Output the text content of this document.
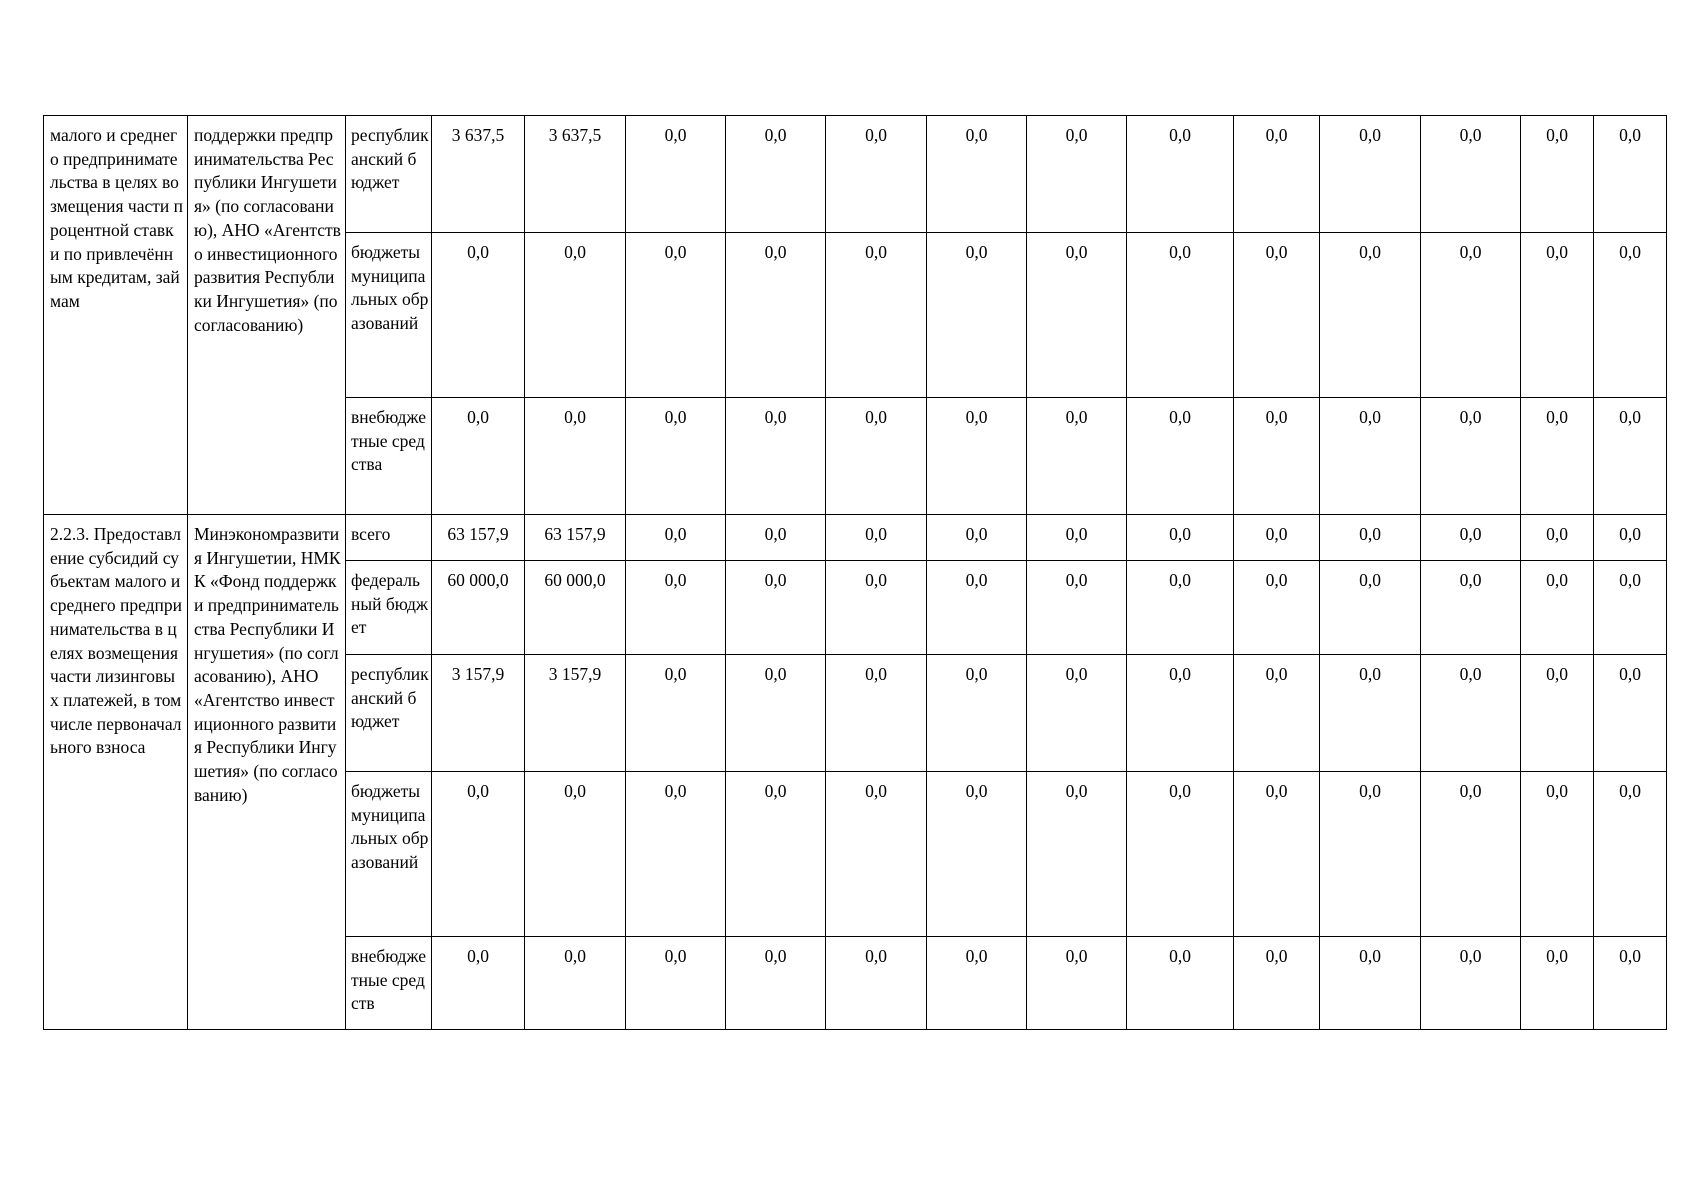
малого и среднего предпринимательства в целях возмещения части процентной ставки по привлечённым кредитам, займам	поддержки предпринимательства Республики Ингушетия» (по согласованию), АНО «Агентство инвестиционного развития Республики Ингушетия» (по согласованию)	республиканский бюджет	3 637,5	3 637,5	0,0	0,0	0,0	0,0	0,0	0,0	0,0	0,0	0,0	0,0	0,0
		бюджеты муниципальных образований	0,0	0,0	0,0	0,0	0,0	0,0	0,0	0,0	0,0	0,0	0,0	0,0	0,0
		внебюджетные средства	0,0	0,0	0,0	0,0	0,0	0,0	0,0	0,0	0,0	0,0	0,0	0,0	0,0
2.2.3. Предоставление субсидий субъектам малого и среднего предпринимательства в целях возмещения части лизинговых платежей, в том числе первоначального взноса	Минэкономразвития Ингушетии, НМКК «Фонд поддержки предпринимательства Республики Ингушетия» (по согласованию), АНО «Агентство инвестиционного развития Республики Ингушетия» (по согласованию)	всего	63 157,9	63 157,9	0,0	0,0	0,0	0,0	0,0	0,0	0,0	0,0	0,0	0,0	0,0
		федеральный бюджет	60 000,0	60 000,0	0,0	0,0	0,0	0,0	0,0	0,0	0,0	0,0	0,0	0,0	0,0
		республиканский бюджет	3 157,9	3 157,9	0,0	0,0	0,0	0,0	0,0	0,0	0,0	0,0	0,0	0,0	0,0
		бюджеты муниципальных образований	0,0	0,0	0,0	0,0	0,0	0,0	0,0	0,0	0,0	0,0	0,0	0,0	0,0
		внебюджетные средств	0,0	0,0	0,0	0,0	0,0	0,0	0,0	0,0	0,0	0,0	0,0	0,0	0,0
